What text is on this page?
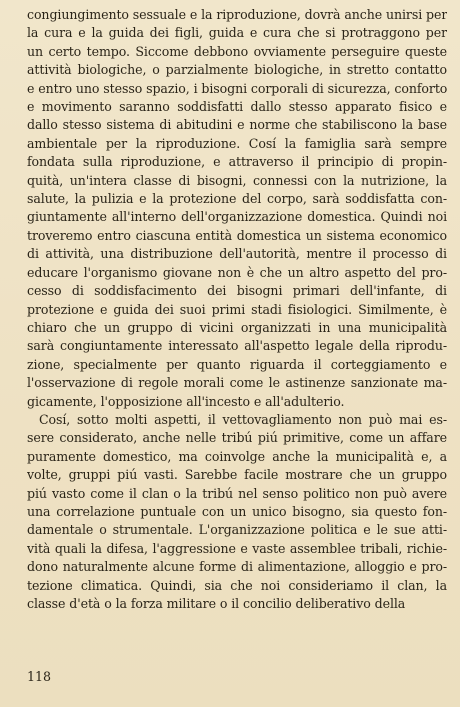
congiungimento sessuale e la riproduzione, dovrà anche unirsi per
la cura e la guida dei figli, guida e cura che si protraggono per
un certo tempo. Siccome debbono ovviamente perseguire queste
attività biologiche, o parzialmente biologiche, in stretto contatto
e entro uno stesso spazio, i bisogni corporali di sicurezza, conforto
e movimento saranno soddisfatti dallo stesso apparato fisico e
dallo stesso sistema di abitudini e norme che stabiliscono la base
ambientale per la riproduzione. Cosí la famiglia sarà sempre
fondata sulla riproduzione, e attraverso il principio di propin-
quità, un'intera classe di bisogni, connessi con la nutrizione, la
salute, la pulizia e la protezione del corpo, sarà soddisfatta con-
giuntamente all'interno dell'organizzazione domestica. Quindi noi
troveremo entro ciascuna entità domestica un sistema economico
di attività, una distribuzione dell'autorità, mentre il processo di
educare l'organismo giovane non è che un altro aspetto del pro-
cesso di soddisfacimento dei bisogni primari dell'infante, di
protezione e guida dei suoi primi stadi fisiologici. Similmente, è
chiaro che un gruppo di vicini organizzati in una municipalità
sarà congiuntamente interessato all'aspetto legale della riprodu-
zione, specialmente per quanto riguarda il corteggiamento e
l'osservazione di regole morali come le astinenze sanzionate ma-
gicamente, l'opposizione all'incesto e all'adulterio.
Cosí, sotto molti aspetti, il vettovagliamento non può mai es-
sere considerato, anche nelle tribú piú primitive, come un affare
puramente domestico, ma coinvolge anche la municipalità e, a
volte, gruppi piú vasti. Sarebbe facile mostrare che un gruppo
piú vasto come il clan o la tribú nel senso politico non può avere
una correlazione puntuale con un unico bisogno, sia questo fon-
damentale o strumentale. L'organizzazione politica e le sue atti-
vità quali la difesa, l'aggressione e vaste assemblee tribali, richie-
dono naturalmente alcune forme di alimentazione, alloggio e pro-
tezione climatica. Quindi, sia che noi consideriamo il clan, la
classe d'età o la forza militare o il concilio deliberativo della
118
